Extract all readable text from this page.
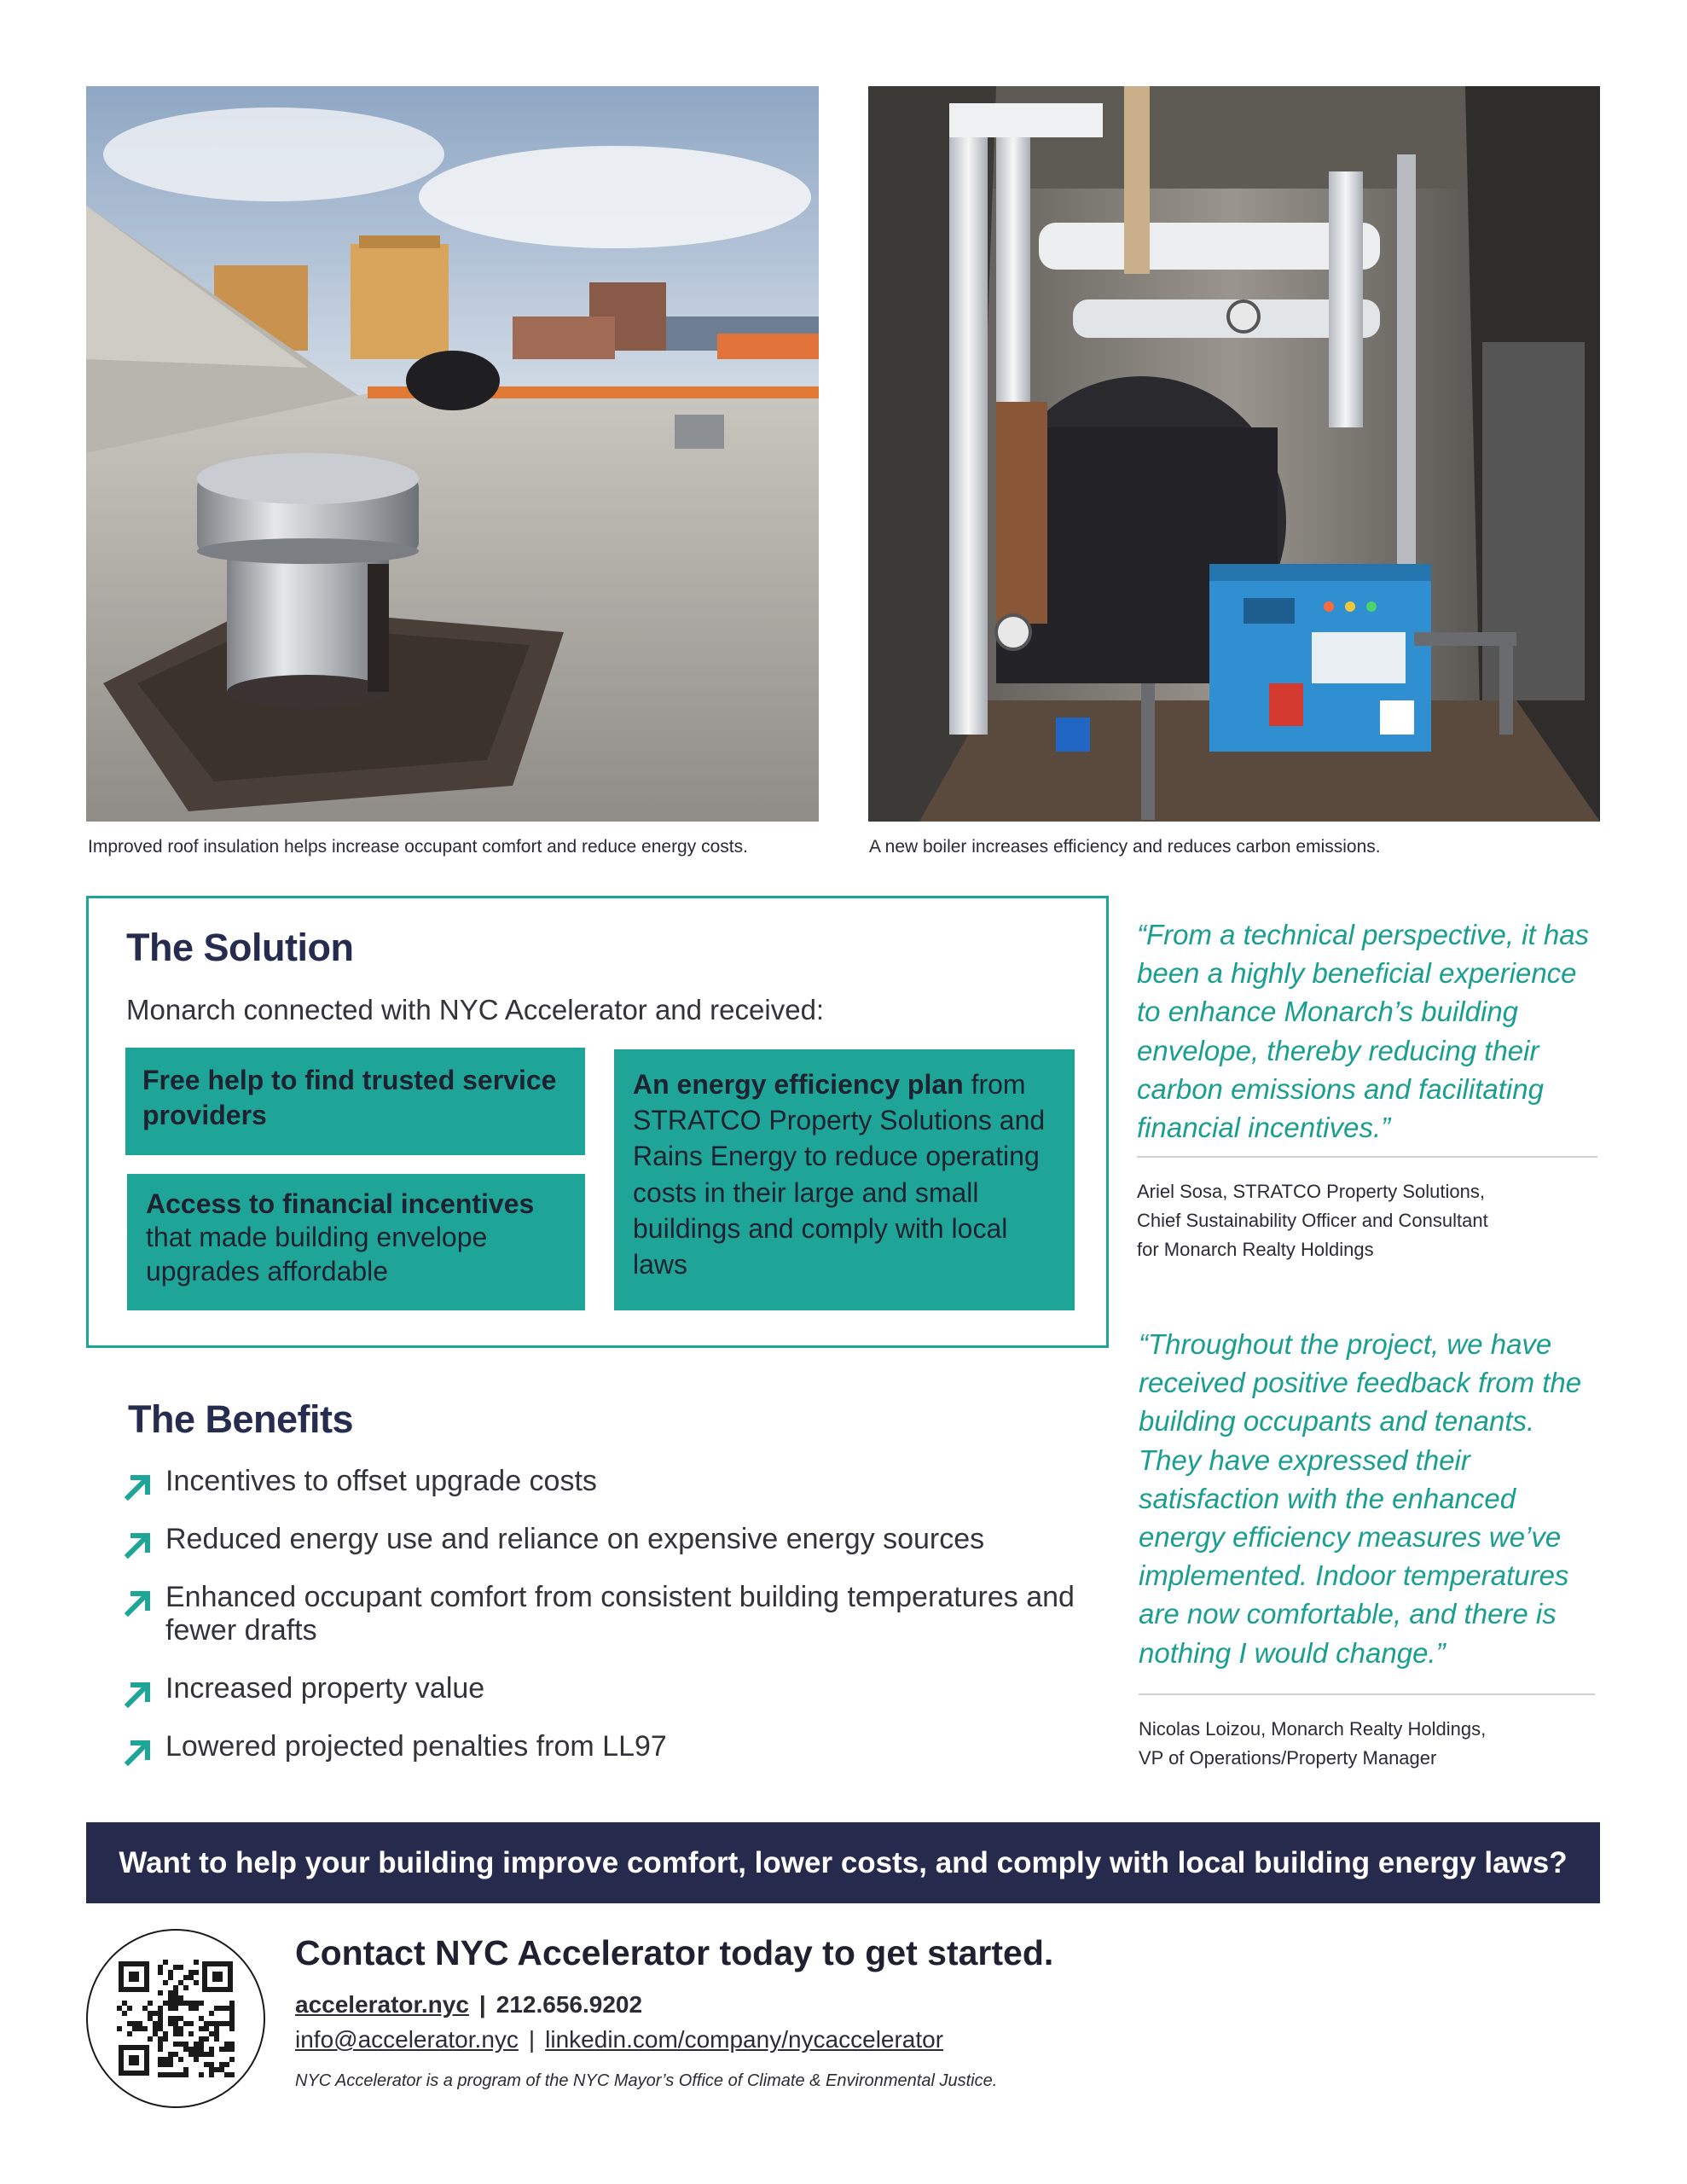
Improved roof insulation helps increase occupant comfort and reduce energy costs.	A new boiler increases efficiency and reduces carbon emissions.
The Solution
Monarch connected with NYC Accelerator and received:
Free help to find trusted service providers
Access to financial incentives
that made building envelope upgrades affordable
An energy efficiency plan from STRATCO Property Solutions and Rains Energy to reduce operating costs in their large and small buildings and comply with local laws
The Benefits
Incentives to offset upgrade costs
Reduced energy use and reliance on expensive energy sources
Enhanced occupant comfort from consistent building temperatures and fewer drafts
Increased property value
Lowered projected penalties from LL97
“From a technical perspective, it has been a highly beneficial experience to enhance Monarch’s building envelope, thereby reducing their carbon emissions and facilitating financial incentives.”
Ariel Sosa, STRATCO Property Solutions,
Chief Sustainability Officer and Consultant
for Monarch Realty Holdings
“Throughout the project, we have received positive feedback from the building occupants and tenants. They have expressed their satisfaction with the enhanced energy efficiency measures we’ve implemented. Indoor temperatures are now comfortable, and there is nothing I would change.”
Nicolas Loizou, Monarch Realty Holdings,
VP of Operations/Property Manager
Want to help your building improve comfort, lower costs, and comply with local building energy laws?
Contact NYC Accelerator today to get started.
accelerator.nyc | 212.656.9202
info@accelerator.nyc | linkedin.com/company/nycaccelerator
NYC Accelerator is a program of the NYC Mayor’s Office of Climate & Environmental Justice.
